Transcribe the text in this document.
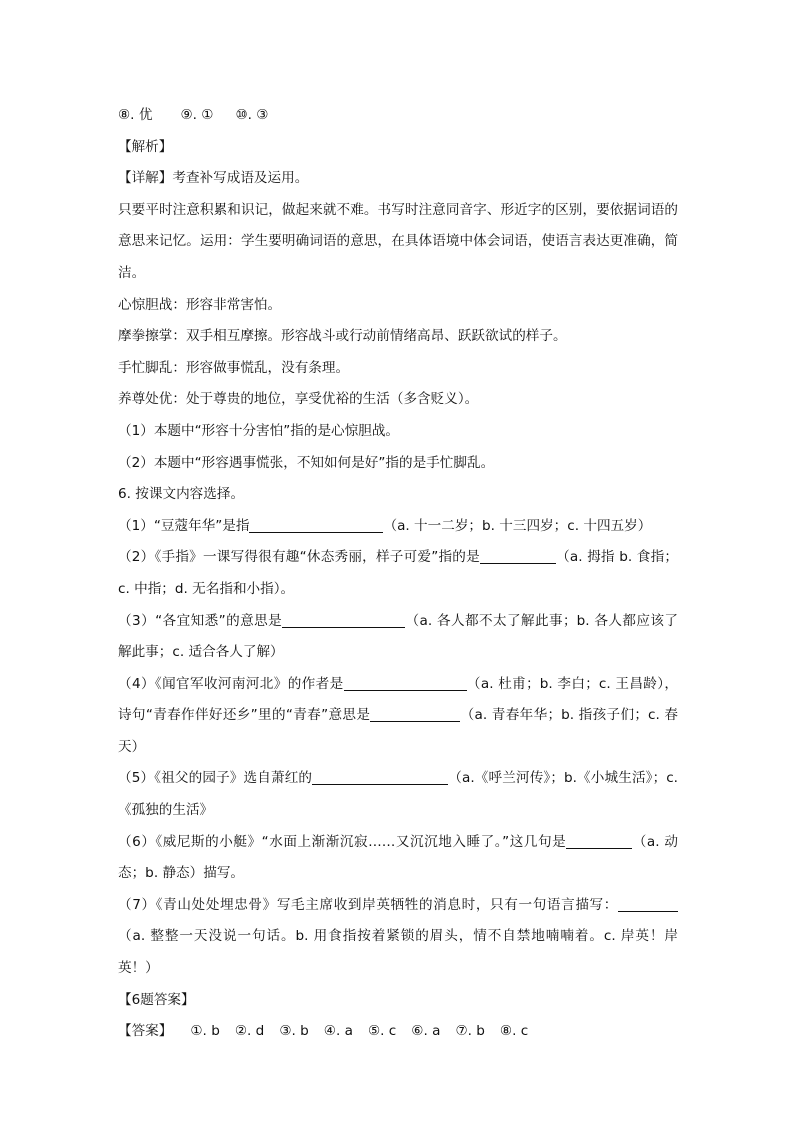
⑧. 优 ⑨. ① ⑩. ③
【解析】
【详解】考查补写成语及运用。
只要平时注意积累和识记，做起来就不难。书写时注意同音字、形近字的区别，要依据词语的意思来记忆。运用：学生要明确词语的意思，在具体语境中体会词语，使语言表达更准确，简洁。
心惊胆战：形容非常害怕。
摩拳擦掌：双手相互摩擦。形容战斗或行动前情绪高昂、跃跃欲试的样子。
手忙脚乱：形容做事慌乱，没有条理。
养尊处优：处于尊贵的地位，享受优裕的生活（多含贬义）。
（1）本题中“形容十分害怕”指的是心惊胆战。
（2）本题中“形容遇事慌张，不知如何是好”指的是手忙脚乱。
6. 按课文内容选择。
（1）“豆蔻年华”是指	（a. 十一二岁；b. 十三四岁；c. 十四五岁）
（2）《手指》一课写得很有趣“休态秀丽，样子可爱”指的是	（a. 拇指 b. 食指；c. 中指；d. 无名指和小指）。
（3）“各宜知悉”的意思是	（a. 各人都不太了解此事；b. 各人都应该了解此事；c. 适合各人了解）
（4）《闻官军收河南河北》的作者是	（a. 杜甫；b. 李白；c. 王昌龄），诗句“青春作伴好还乡”里的“青春”意思是	（a. 青春年华；b. 指孩子们；c. 春天）
（5）《祖父的园子》选自萧红的	（a.《呼兰河传》；b.《小城生活》；c.《孤独的生活》
（6）《威尼斯的小艇》“水面上渐渐沉寂……又沉沉地入睡了。”这几句是	（a. 动态；b. 静态）描写。
（7）《青山处处埋忠骨》写毛主席收到岸英牺牲的消息时，只有一句语言描写：（a. 整整一天没说一句话。b. 用食指按着紧锁的眉头，情不自禁地喃喃着。c. 岸英！岸英！）
【6题答案】
【答案】 ①. b ②. d ③. b ④. a ⑤. c ⑥. a ⑦. b ⑧. c
